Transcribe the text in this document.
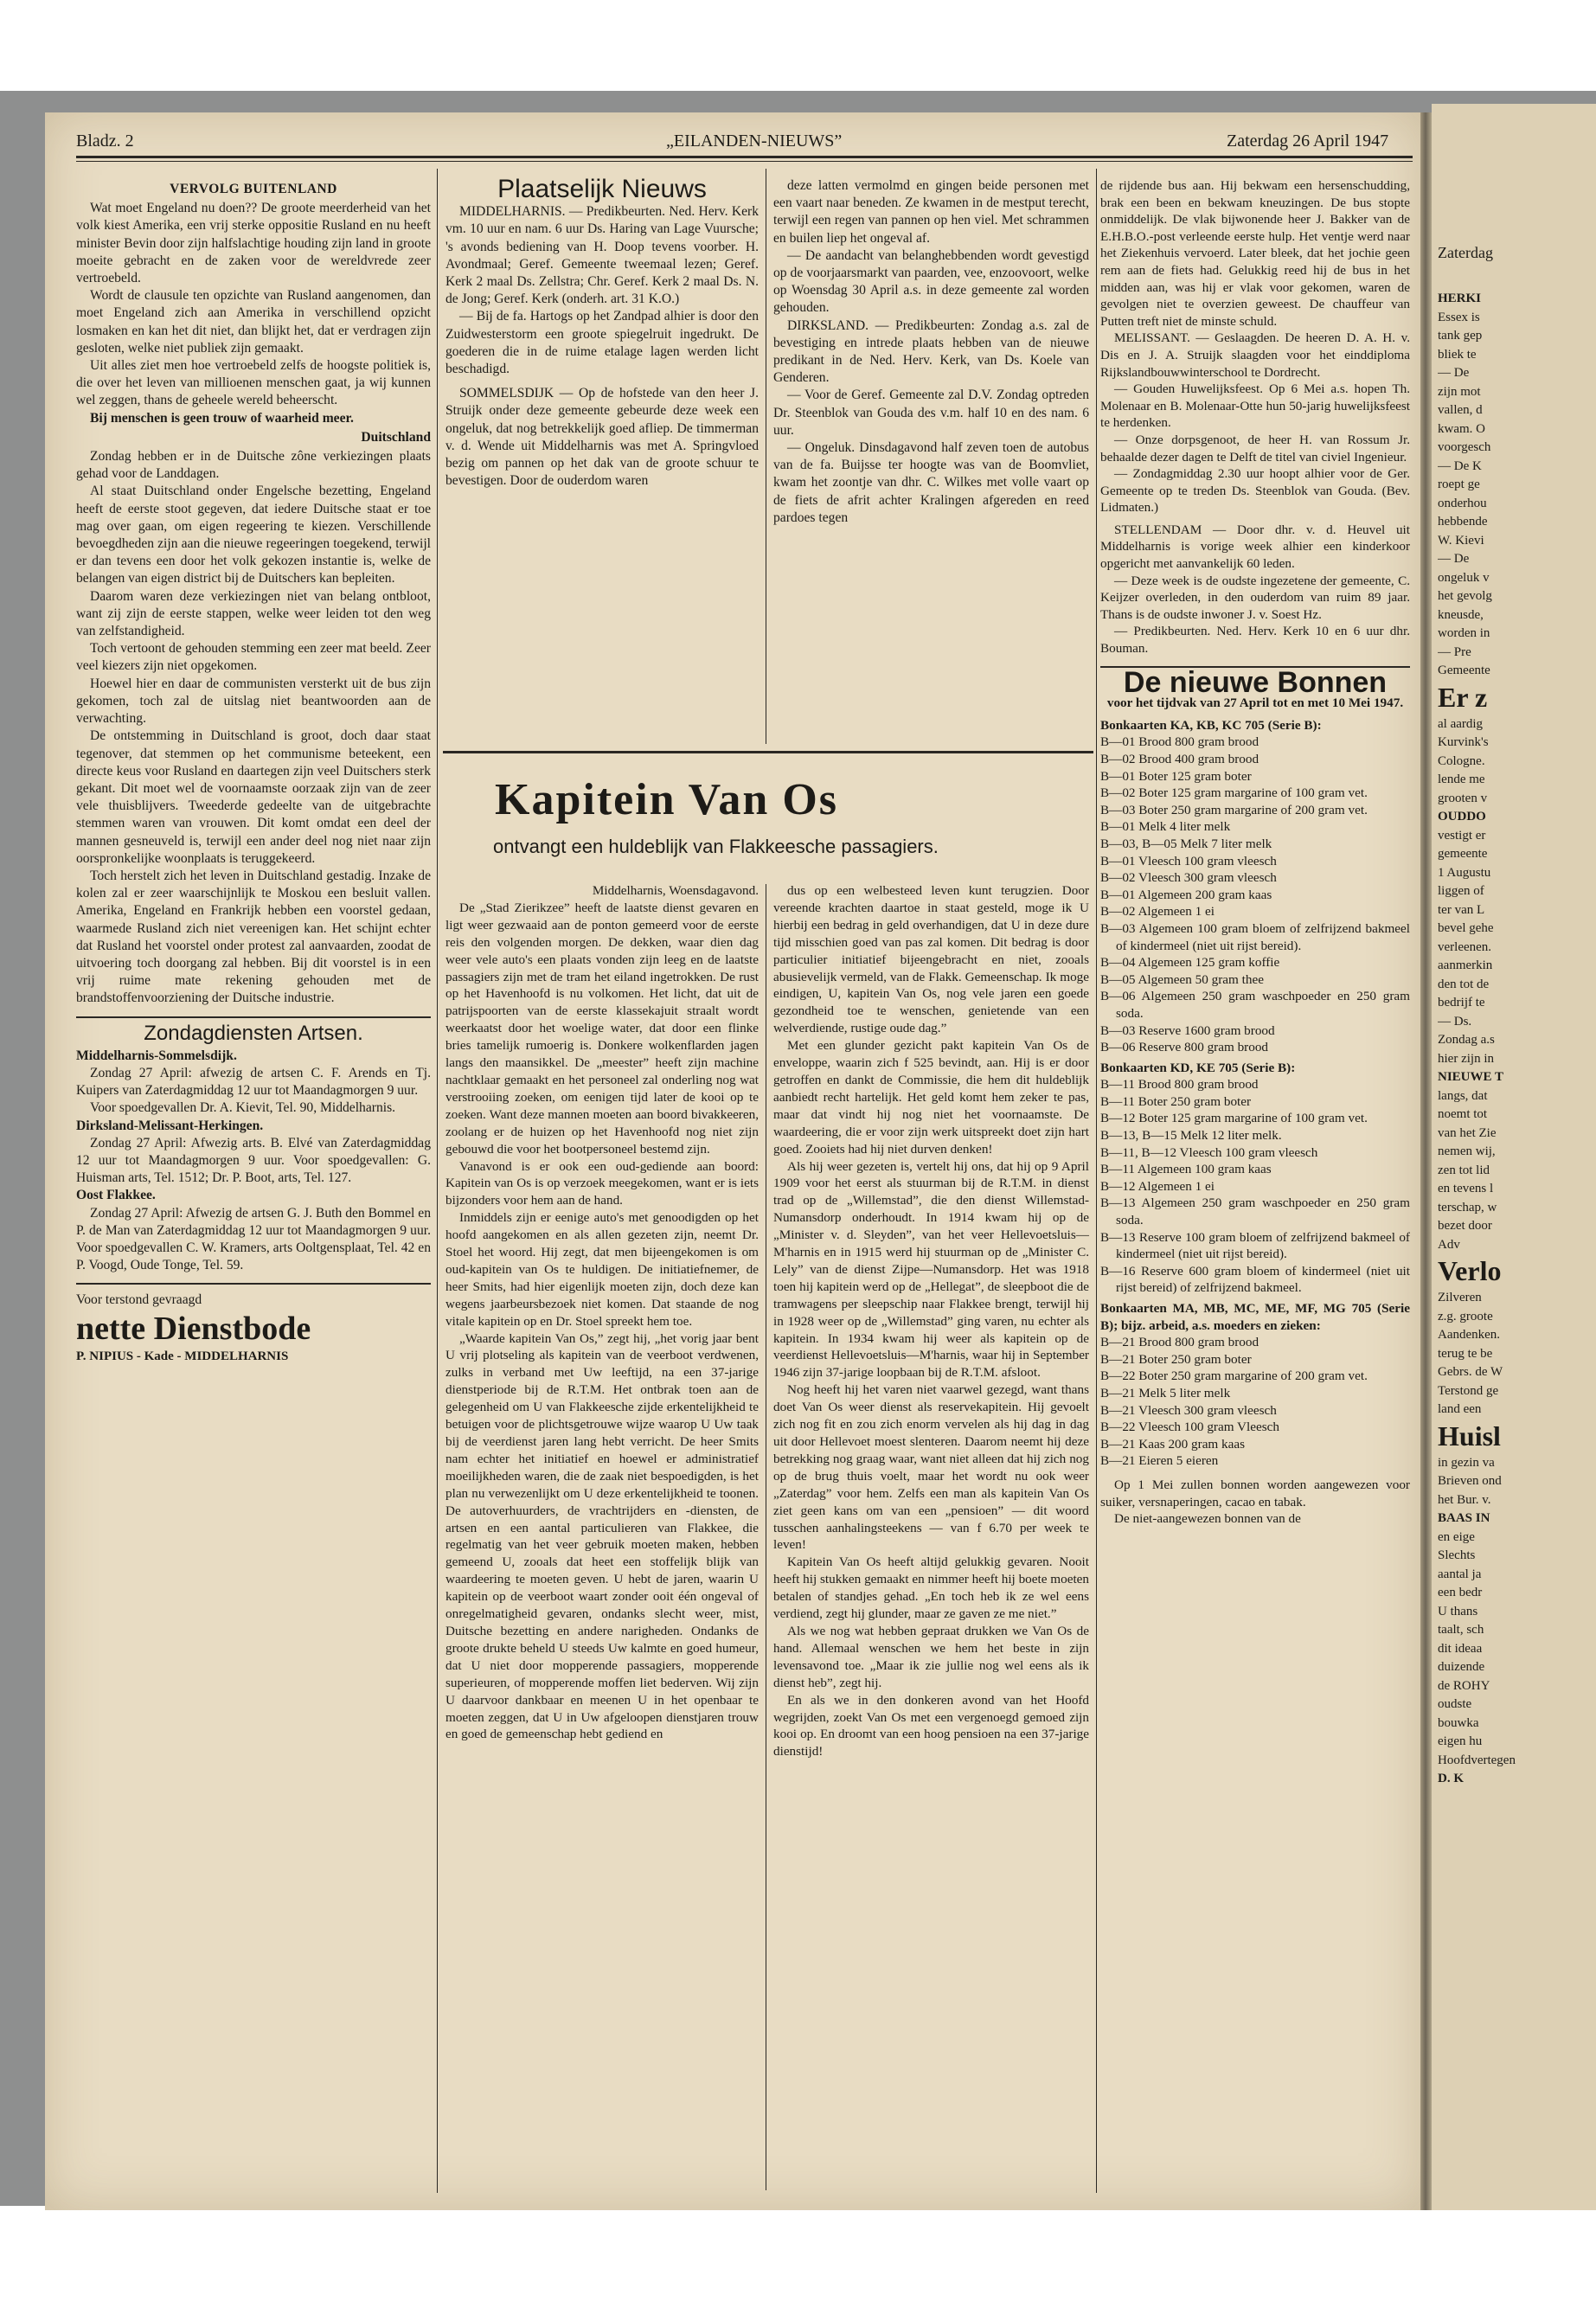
Bladz. 2	„EILANDEN-NIEUWS”	Zaterdag 26 April 1947
VERVOLG BUITENLAND

Wat moet Engeland nu doen?? De groote meerderheid van het volk kiest Amerika, een vrij sterke oppositie Rusland en nu heeft minister Bevin door zijn halfslachtige houding zijn land in groote moeite gebracht en de zaken voor de wereldvrede zeer vertroebeld.

Wordt de clausule ten opzichte van Rusland aangenomen, dan moet Engeland zich aan Amerika in verschillend opzicht losmaken en kan het dit niet, dan blijkt het, dat er verdragen zijn gesloten, welke niet publiek zijn gemaakt.

Uit alles ziet men hoe vertroebeld zelfs de hoogste politiek is, die over het leven van millioenen menschen gaat, ja wij kunnen wel zeggen, thans de geheele wereld beheerscht.

Bij menschen is geen trouw of waarheid meer.

Duitschland

Zondag hebben er in de Duitsche zône verkiezingen plaats gehad voor de Landdagen.

Al staat Duitschland onder Engelsche bezetting, Engeland heeft de eerste stoot gegeven, dat iedere Duitsche staat er toe mag over gaan, om eigen regeering te kiezen. Verschillende bevoegdheden zijn aan die nieuwe regeeringen toegekend, terwijl er dan tevens een door het volk gekozen instantie is, welke de belangen van eigen district bij de Duitschers kan bepleiten.

Daarom waren deze verkiezingen niet van belang ontbloot, want zij zijn de eerste stappen, welke weer leiden tot den weg van zelfstandigheid.

Toch vertoont de gehouden stemming een zeer mat beeld. Zeer veel kiezers zijn niet opgekomen.

Hoewel hier en daar de communisten versterkt uit de bus zijn gekomen, toch zal de uitslag niet beantwoorden aan de verwachting.

De ontstemming in Duitschland is groot, doch daar staat tegenover, dat stemmen op het communisme beteekent, een directe keus voor Rusland en daartegen zijn veel Duitschers sterk gekant. Dit moet wel de voornaamste oorzaak zijn van de zeer vele thuisblijvers. Tweederde gedeelte van de uitgebrachte stemmen waren van vrouwen. Dit komt omdat een deel der mannen gesneuveld is, terwijl een ander deel nog niet naar zijn oorspronkelijke woonplaats is teruggekeerd.

Toch herstelt zich het leven in Duitschland gestadig. Inzake de kolen zal er zeer waarschijnlijk te Moskou een besluit vallen. Amerika, Engeland en Frankrijk hebben een voorstel gedaan, waarmede Rusland zich niet vereenigen kan. Het schijnt echter dat Rusland het voorstel onder protest zal aanvaarden, zoodat de uitvoering toch doorgang zal hebben. Bij dit voorstel is in een vrij ruime mate rekening gehouden met de brandstoffenvoorziening der Duitsche industrie.

Zondagdiensten Artsen.
Middelharnis-Sommelsdijk.

Zondag 27 April: afwezig de artsen C. F. Arends en Tj. Kuipers van Zaterdagmiddag 12 uur tot Maandagmorgen 9 uur.

Voor spoedgevallen Dr. A. Kievit, Tel. 90, Middelharnis.

Dirksland-Melissant-Herkingen.

Zondag 27 April: Afwezig arts. B. Elvé van Zaterdagmiddag 12 uur tot Maandagmorgen 9 uur. Voor spoedgevallen: G. Huisman arts, Tel. 1512; Dr. P. Boot, arts, Tel. 127.

Oost Flakkee.

Zondag 27 April: Afwezig de artsen G. J. Buth den Bommel en P. de Man van Zaterdagmiddag 12 uur tot Maandagmorgen 9 uur. Voor spoedgevallen C. W. Kramers, arts Ooltgensplaat, Tel. 42 en P. Voogd, Oude Tonge, Tel. 59.

Voor terstond gevraagd
nette Dienstbode
P. NIPIUS - Kade - MIDDELHARNIS
Plaatselijk Nieuws

MIDDELHARNIS. — Predikbeurten. Ned. Herv. Kerk vm. 10 uur en nam. 6 uur Ds. Haring van Lage Vuursche; 's avonds bediening van H. Doop tevens voorber. H. Avondmaal; Geref. Gemeente tweemaal lezen; Geref. Kerk 2 maal Ds. Zellstra; Chr. Geref. Kerk 2 maal Ds. N. de Jong; Geref. Kerk (onderh. art. 31 K.O.)

— Bij de fa. Hartogs op het Zandpad alhier is door den Zuidwesterstorm een groote spiegelruit ingedrukt. De goederen die in de ruime etalage lagen werden licht beschadigd.

SOMMELSDIJK — Op de hofstede van den heer J. Struijk onder deze gemeente gebeurde deze week een ongeluk, dat nog betrekkelijk goed afliep. De timmerman v. d. Wende uit Middelharnis was met A. Springvloed bezig om pannen op het dak van de groote schuur te bevestigen. Door de ouderdom waren

deze latten vermolmd en gingen beide personen met een vaart naar beneden. Ze kwamen in de mestput terecht, terwijl een regen van pannen op hen viel. Met schrammen en builen liep het ongeval af.

— De aandacht van belanghebbenden wordt gevestigd op de voorjaarsmarkt van paarden, vee, enzoovoort, welke op Woensdag 30 April a.s. in deze gemeente zal worden gehouden.

DIRKSLAND. — Predikbeurten: Zondag a.s. zal de bevestiging en intrede plaats hebben van de nieuwe predikant in de Ned. Herv. Kerk, van Ds. Koele van Genderen.

— Voor de Geref. Gemeente zal D.V. Zondag optreden Dr. Steenblok van Gouda des v.m. half 10 en des nam. 6 uur.

— Ongeluk. Dinsdagavond half zeven toen de autobus van de fa. Buijsse ter hoogte was van de Boomvliet, kwam het zoontje van dhr. C. Wilkes met volle vaart op de fiets de afrit achter Kralingen afgereden en reed pardoes tegen

Kapitein Van Os
ontvangt een huldeblijk van Flakkeesche passagiers.
Middelharnis, Woensdagavond.

De „Stad Zierikzee” heeft de laatste dienst gevaren en ligt weer gezwaaid aan de ponton gemeerd voor de eerste reis den volgenden morgen. De dekken, waar dien dag weer vele auto's een plaats vonden zijn leeg en de laatste passagiers zijn met de tram het eiland ingetrokken. De rust op het Havenhoofd is nu volkomen. Het licht, dat uit de patrijspoorten van de eerste klassekajuit straalt wordt weerkaatst door het woelige water, dat door een flinke bries tamelijk rumoerig is. Donkere wolkenflarden jagen langs den maansikkel. De „meester” heeft zijn machine nachtklaar gemaakt en het personeel zal onderling nog wat verstrooiing zoeken, om eenigen tijd later de kooi op te zoeken. Want deze mannen moeten aan boord bivakkeeren, zoolang er de huizen op het Havenhoofd nog niet zijn gebouwd die voor het bootpersoneel bestemd zijn.

Vanavond is er ook een oud-gediende aan boord: Kapitein van Os is op verzoek meegekomen, want er is iets bijzonders voor hem aan de hand.

Inmiddels zijn er eenige auto's met genoodigden op het hoofd aangekomen en als allen gezeten zijn, neemt Dr. Stoel het woord. Hij zegt, dat men bijeengekomen is om oud-kapitein van Os te huldigen. De initiatiefnemer, de heer Smits, had hier eigenlijk moeten zijn, doch deze kan wegens jaarbeursbezoek niet komen. Dat staande de nog vitale kapitein op en Dr. Stoel spreekt hem toe.

„Waarde kapitein Van Os,” zegt hij, „het vorig jaar bent U vrij plotseling als kapitein van de veerboot verdwenen, zulks in verband met Uw leeftijd, na een 37-jarige dienstperiode bij de R.T.M. Het ontbrak toen aan de gelegenheid om U van Flakkeesche zijde erkentelijkheid te betuigen voor de plichtsgetrouwe wijze waarop U Uw taak bij de veerdienst jaren lang hebt verricht. De heer Smits nam echter het initiatief en hoewel er administratief moeilijkheden waren, die de zaak niet bespoedigden, is het plan nu verwezenlijkt om U deze erkentelijkheid te toonen. De autoverhuurders, de vrachtrijders en -diensten, de artsen en een aantal particulieren van Flakkee, die regelmatig van het veer gebruik moeten maken, hebben gemeend U, zooals dat heet een stoffelijk blijk van waardeering te moeten geven. U hebt de jaren, waarin U kapitein op de veerboot waart zonder ooit één ongeval of onregelmatigheid gevaren, ondanks slecht weer, mist, Duitsche bezetting en andere narigheden. Ondanks de groote drukte beheld U steeds Uw kalmte en goed humeur, dat U niet door mopperende passagiers, mopperende superieuren, of mopperende moffen liet bederven. Wij zijn U daarvoor dankbaar en meenen U in het openbaar te moeten zeggen, dat U in Uw afgeloopen dienstjaren trouw en goed de gemeenschap hebt gediend en

dus op een welbesteed leven kunt terugzien. Door vereende krachten daartoe in staat gesteld, moge ik U hierbij een bedrag in geld overhandigen, dat U in deze dure tijd misschien goed van pas zal komen. Dit bedrag is door particulier initiatief bijeengebracht en niet, zooals abusievelijk vermeld, van de Flakk. Gemeenschap. Ik moge eindigen, U, kapitein Van Os, nog vele jaren een goede gezondheid toe te wenschen, genietende van een welverdiende, rustige oude dag.”

Met een glunder gezicht pakt kapitein Van Os de enveloppe, waarin zich f 525 bevindt, aan. Hij is er door getroffen en dankt de Commissie, die hem dit huldeblijk aanbiedt recht hartelijk. Het geld komt hem zeker te pas, maar dat vindt hij nog niet het voornaamste. De waardeering, die er voor zijn werk uitspreekt doet zijn hart goed. Zooiets had hij niet durven denken!

Als hij weer gezeten is, vertelt hij ons, dat hij op 9 April 1909 voor het eerst als stuurman bij de R.T.M. in dienst trad op de „Willemstad”, die den dienst Willemstad-Numansdorp onderhoudt. In 1914 kwam hij op de „Minister v. d. Sleyden”, van het veer Hellevoetsluis—M'harnis en in 1915 werd hij stuurman op de „Minister C. Lely” van de dienst Zijpe—Numansdorp. Het was 1918 toen hij kapitein werd op de „Hellegat”, de sleepboot die de tramwagens per sleepschip naar Flakkee brengt, terwijl hij in 1928 weer op de „Willemstad” ging varen, nu echter als kapitein. In 1934 kwam hij weer als kapitein op de veerdienst Hellevoetsluis—M'harnis, waar hij in September 1946 zijn 37-jarige loopbaan bij de R.T.M. afsloot.

Nog heeft hij het varen niet vaarwel gezegd, want thans doet Van Os weer dienst als reservekapitein. Hij gevoelt zich nog fit en zou zich enorm vervelen als hij dag in dag uit door Hellevoet moest slenteren. Daarom neemt hij deze betrekking nog graag waar, want niet alleen dat hij zich nog op de brug thuis voelt, maar het wordt nu ook weer „Zaterdag” voor hem. Zelfs een man als kapitein Van Os ziet geen kans om van een „pensioen” — dit woord tusschen aanhalingsteekens — van f 6.70 per week te leven!

Kapitein Van Os heeft altijd gelukkig gevaren. Nooit heeft hij stukken gemaakt en nimmer heeft hij boete moeten betalen of standjes gehad. „En toch heb ik ze wel eens verdiend, zegt hij glunder, maar ze gaven ze me niet.”

Als we nog wat hebben gepraat drukken we Van Os de hand. Allemaal wenschen we hem het beste in zijn levensavond toe. „Maar ik zie jullie nog wel eens als ik dienst heb”, zegt hij.

En als we in den donkeren avond van het Hoofd wegrijden, zoekt Van Os met een vergenoegd gemoed zijn kooi op. En droomt van een hoog pensioen na een 37-jarige dienstijd!

de rijdende bus aan. Hij bekwam een hersenschudding, brak een been en bekwam kneuzingen. De bus stopte onmiddelijk. De vlak bijwonende heer J. Bakker van de E.H.B.O.-post verleende eerste hulp. Het ventje werd naar het Ziekenhuis vervoerd. Later bleek, dat het jochie geen rem aan de fiets had. Gelukkig reed hij de bus in het midden aan, was hij er vlak voor gekomen, waren de gevolgen niet te overzien geweest. De chauffeur van Putten treft niet de minste schuld.

MELISSANT. — Geslaagden. De heeren D. A. H. v. Dis en J. A. Struijk slaagden voor het einddiploma Rijkslandbouwwinterschool te Dordrecht.

— Gouden Huwelijksfeest. Op 6 Mei a.s. hopen Th. Molenaar en B. Molenaar-Otte hun 50-jarig huwelijksfeest te herdenken.

— Onze dorpsgenoot, de heer H. van Rossum Jr. behaalde dezer dagen te Delft de titel van civiel Ingenieur.

— Zondagmiddag 2.30 uur hoopt alhier voor de Ger. Gemeente op te treden Ds. Steenblok van Gouda. (Bev. Lidmaten.)

STELLENDAM — Door dhr. v. d. Heuvel uit Middelharnis is vorige week alhier een kinderkoor opgericht met aanvankelijk 60 leden.

— Deze week is de oudste ingezetene der gemeente, C. Keijzer overleden, in den ouderdom van ruim 89 jaar. Thans is de oudste inwoner J. v. Soest Hz.

— Predikbeurten. Ned. Herv. Kerk 10 en 6 uur dhr. Bouman.

De nieuwe Bonnen
voor het tijdvak van 27 April tot en met 10 Mei 1947.
Bonkaarten KA, KB, KC 705 (Serie B):
B—01 Brood 800 gram brood
B—02 Brood 400 gram brood
B—01 Boter 125 gram boter
B—02 Boter 125 gram margarine of 100 gram vet.
B—03 Boter 250 gram margarine of 200 gram vet.
B—01 Melk 4 liter melk
B—03, B—05 Melk 7 liter melk
B—01 Vleesch 100 gram vleesch
B—02 Vleesch 300 gram vleesch
B—01 Algemeen 200 gram kaas
B—02 Algemeen 1 ei
B—03 Algemeen 100 gram bloem of zelfrijzend bakmeel of kindermeel (niet uit rijst bereid).
B—04 Algemeen 125 gram koffie
B—05 Algemeen 50 gram thee
B—06 Algemeen 250 gram waschpoeder en 250 gram soda.
B—03 Reserve 1600 gram brood
B—06 Reserve 800 gram brood
Bonkaarten KD, KE 705 (Serie B):
B—11 Brood 800 gram brood
B—11 Boter 250 gram boter
B—12 Boter 125 gram margarine of 100 gram vet.
B—13, B—15 Melk 12 liter melk.
B—11, B—12 Vleesch 100 gram vleesch
B—11 Algemeen 100 gram kaas
B—12 Algemeen 1 ei
B—13 Algemeen 250 gram waschpoeder en 250 gram soda.
B—13 Reserve 100 gram bloem of zelfrijzend bakmeel of kindermeel (niet uit rijst bereid).
B—16 Reserve 600 gram bloem of kindermeel (niet uit rijst bereid) of zelfrijzend bakmeel.
Bonkaarten MA, MB, MC, ME, MF, MG 705 (Serie B); bijz. arbeid, a.s. moeders en zieken:
B—21 Brood 800 gram brood
B—21 Boter 250 gram boter
B—22 Boter 250 gram margarine of 200 gram vet.
B—21 Melk 5 liter melk
B—21 Vleesch 300 gram vleesch
B—22 Vleesch 100 gram Vleesch
B—21 Kaas 200 gram kaas
B—21 Eieren 5 eieren

Op 1 Mei zullen bonnen worden aangewezen voor suiker, versnaperingen, cacao en tabak.

De niet-aangewezen bonnen van de

Zaterdag
HERKI
Essex is
tank gep
bliek te
— De
zijn mot
vallen, d
kwam. O
voorgesch
— De K
roept ge
onderhou
hebbende
W. Kievi
— De
ongeluk v
het gevolg
kneusde,
worden in
— Pre
Gemeente
Er z
al aardig
Kurvink's
Cologne.
lende me
grooten v
OUDDO
vestigt er
gemeente
1 Augustu
liggen of
ter van L
bevel gehe
verleenen.
aanmerkin
den tot de
bedrijf te
— Ds.
Zondag a.s
hier zijn in
NIEUWE T
langs, dat
noemt tot
van het Zie
nemen wij,
zen tot lid
en tevens l
terschap, w
bezet door
Adv
Verlo
Zilveren
z.g. groote
Aandenken.
terug te be
Gebrs. de W
Terstond ge
land een
Huisl
in gezin va
Brieven ond
het Bur. v.
BAAS IN
en eige
Slechts
aantal ja
een bedr
U thans
taalt, sch
dit ideaa
duizende
de ROHY
oudste
bouwka
eigen hu
Hoofdvertegen
D. K
